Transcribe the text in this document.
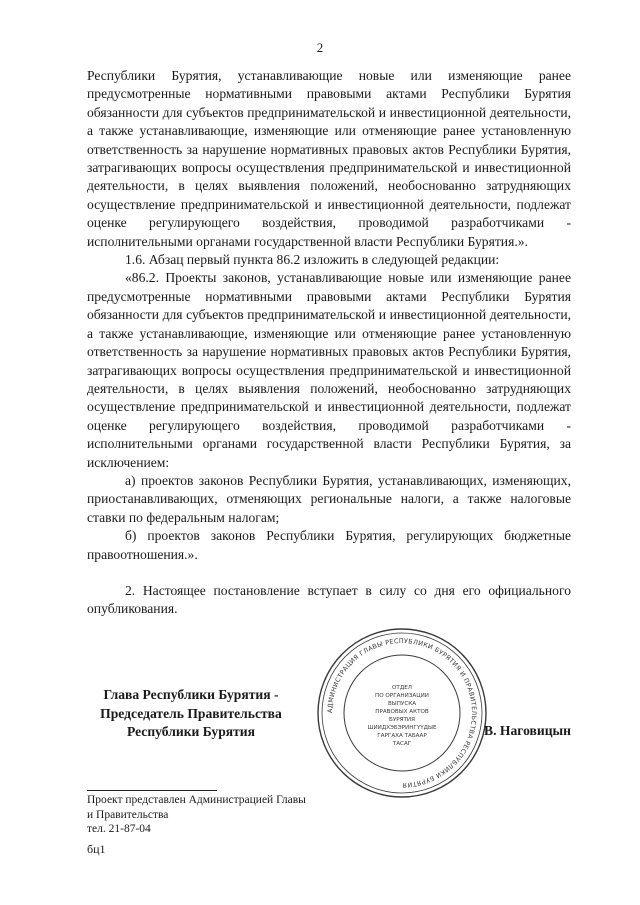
2

Республики Бурятия, устанавливающие новые или изменяющие ранее предусмотренные нормативными правовыми актами Республики Бурятия обязанности для субъектов предпринимательской и инвестиционной деятельности, а также устанавливающие, изменяющие или отменяющие ранее установленную ответственность за нарушение нормативных правовых актов Республики Бурятия, затрагивающих вопросы осуществления предпринимательской и инвестиционной деятельности, в целях выявления положений, необоснованно затрудняющих осуществление предпринимательской и инвестиционной деятельности, подлежат оценке регулирующего воздействия, проводимой разработчиками - исполнительными органами государственной власти Республики Бурятия.».

1.6. Абзац первый пункта 86.2 изложить в следующей редакции:

«86.2. Проекты законов, устанавливающие новые или изменяющие ранее предусмотренные нормативными правовыми актами Республики Бурятия обязанности для субъектов предпринимательской и инвестиционной деятельности, а также устанавливающие, изменяющие или отменяющие ранее установленную ответственность за нарушение нормативных правовых актов Республики Бурятия, затрагивающих вопросы осуществления предпринимательской и инвестиционной деятельности, в целях выявления положений, необоснованно затрудняющих осуществление предпринимательской и инвестиционной деятельности, подлежат оценке регулирующего воздействия, проводимой разработчиками - исполнительными органами государственной власти Республики Бурятия, за исключением:

а) проектов законов Республики Бурятия, устанавливающих, изменяющих, приостанавливающих, отменяющих региональные налоги, а также налоговые ставки по федеральным налогам;

б) проектов законов Республики Бурятия, регулирующих бюджетные правоотношения.».

2. Настоящее постановление вступает в силу со дня его официального опубликования.

АДМИНИСТРАЦИЯ ГЛАВЫ РЕСПУБЛИКИ БУРЯТИЯ И ПРАВИТЕЛЬСТВА РЕСПУБЛИКИ БУРЯТИЯ
ОТДЕЛ
ПО ОРГАНИЗАЦИИ
ВЫПУСКА
ПРАВОВЫХ АКТОВ
БУРЯТИЯ
ШИИДХЭБЭРИНГҮҮДЫЕ
ГАРГАХА ТАБААР
ТАСАГ
Глава Республики Бурятия -
Председатель Правительства
Республики Бурятия	В. Наговицын
Проект представлен Администрацией Главы
и Правительства
тел. 21-87-04
бц1
